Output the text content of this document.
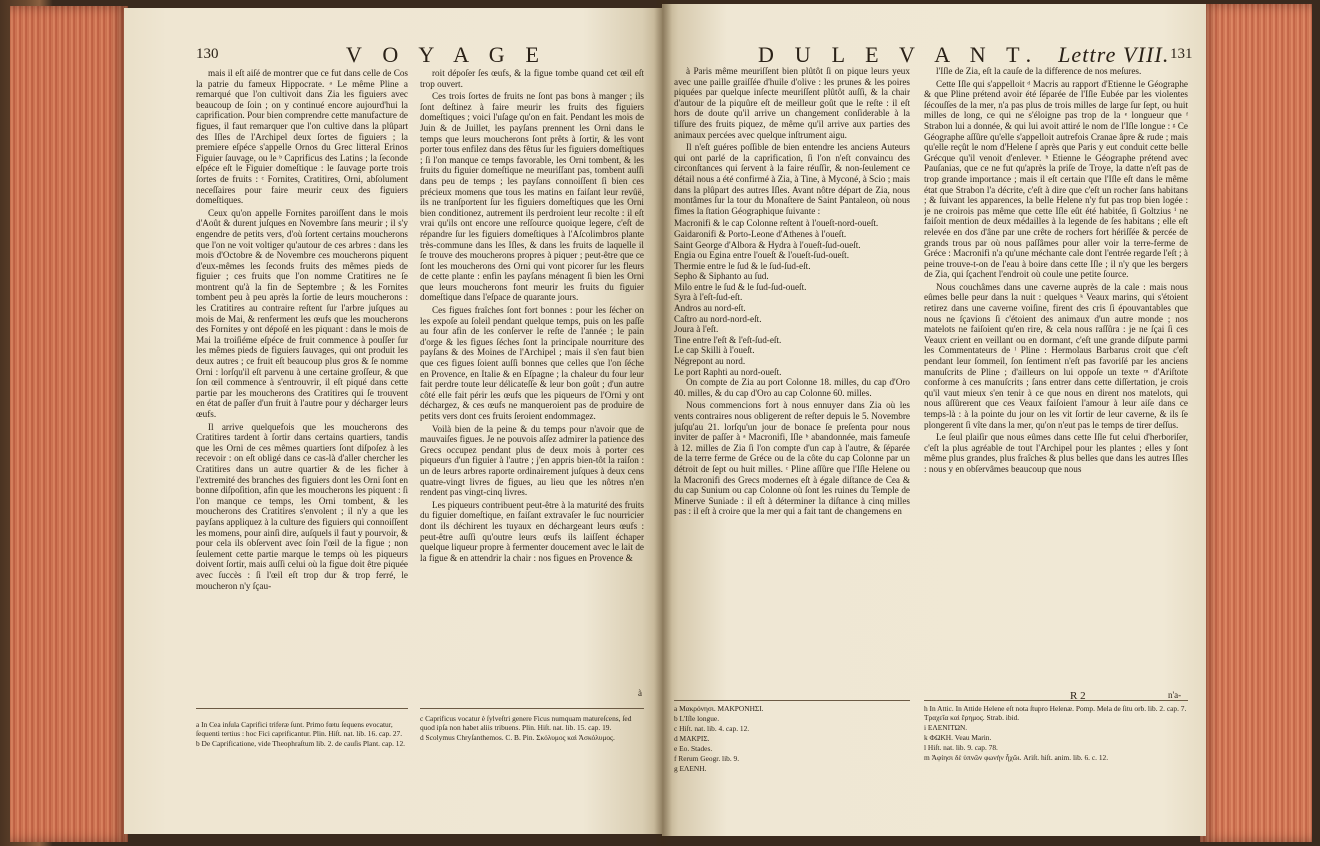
130	V O Y A G E

mais il eſt aiſé de montrer que ce fut dans celle de Cos la patrie du fameux Hippocrate. ᵃ Le même Pline a remarqué que l'on cultivoit dans Zia les figuiers avec beaucoup de ſoin ; on y continué encore aujourd'hui la caprification. Pour bien comprendre cette manufacture de figues, il faut remarquer que l'on cultive dans la plûpart des Iſles de l'Archipel deux ſortes de figuiers ; la premiere eſpéce s'appelle Ornos du Grec litteral Erinos Figuier ſauvage, ou le ᵇ Caprificus des Latins ; la ſeconde eſpéce eſt le Figuier domeſtique : le ſauvage porte trois ſortes de fruits : ᶜ Fornites, Cratitires, Orni, abſolument neceſſaires pour faire meurir ceux des figuiers domeſtiques.

Ceux qu'on appelle Fornites paroiſſent dans le mois d'Août & durent juſques en Novembre ſans meurir ; il s'y engendre de petits vers, d'où ſortent certains moucherons que l'on ne voit voltiger qu'autour de ces arbres : dans les mois d'Octobre & de Novembre ces moucherons piquent d'eux-mêmes les ſeconds fruits des mêmes pieds de figuier ; ces fruits que l'on nomme Cratitires ne ſe montrent qu'à la fin de Septembre ; & les Fornites tombent peu à peu après la ſortie de leurs moucherons : les Cratitires au contraire reſtent ſur l'arbre juſques au mois de Mai, & renferment les œufs que les moucherons des Fornites y ont dépoſé en les piquant : dans le mois de Mai la troiſiéme eſpéce de fruit commence à pouſſer ſur les mêmes pieds de figuiers ſauvages, qui ont produit les deux autres ; ce fruit eſt beaucoup plus gros & ſe nomme Orni : lorſqu'il eſt parvenu à une certaine groſſeur, & que ſon œil commence à s'entrouvrir, il eſt piqué dans cette partie par les moucherons des Cratitires qui ſe trouvent en état de paſſer d'un fruit à l'autre pour y décharger leurs œufs.

Il arrive quelquefois que les moucherons des Cratitires tardent à ſortir dans certains quartiers, tandis que les Orni de ces mêmes quartiers ſont diſpoſez à les recevoir : on eſt obligé dans ce cas-là d'aller chercher les Cratitires dans un autre quartier & de les ficher à l'extremité des branches des figuiers dont les Orni ſont en bonne diſpoſition, afin que les moucherons les piquent : ſi l'on manque ce temps, les Orni tombent, & les moucherons des Cratitires s'envolent ; il n'y a que les payſans appliquez à la culture des figuiers qui connoiſſent les momens, pour ainſi dire, auſquels il faut y pourvoir, & pour cela ils obſervent avec ſoin l'œil de la figue ; non ſeulement cette partie marque le temps où les piqueurs doivent ſortir, mais auſſi celui où la figue doit être piquée avec ſuccès : ſi l'œil eſt trop dur & trop ferré, le moucheron n'y ſçau-

roit dépoſer ſes œufs, & la figue tombe quand cet œil eſt trop ouvert.

Ces trois ſortes de fruits ne ſont pas bons à manger ; ils ſont deſtinez à faire meurir les fruits des figuiers domeſtiques ; voici l'uſage qu'on en fait. Pendant les mois de Juin & de Juillet, les payſans prennent les Orni dans le temps que leurs moucherons ſont prêts à ſortir, & les vont porter tous enfilez dans des fêtus ſur les figuiers domeſtiques ; ſi l'on manque ce temps favorable, les Orni tombent, & les fruits du figuier domeſtique ne meuriſſant pas, tombent auſſi dans peu de temps ; les payſans connoiſſent ſi bien ces précieux momens que tous les matins en faiſant leur revûë, ils ne tranſportent ſur les figuiers domeſtiques que les Orni bien conditionez, autrement ils perdroient leur recolte : il eſt vrai qu'ils ont encore une reſſource quoique legere, c'eſt de répandre ſur les figuiers domeſtiques à l'Aſcolimbros plante très-commune dans les Iſles, & dans les fruits de laquelle il ſe trouve des moucherons propres à piquer ; peut-être que ce ſont les moucherons des Orni qui vont picorer ſur les fleurs de cette plante : enfin les payſans ménagent ſi bien les Orni que leurs moucherons font meurir les fruits du figuier domeſtique dans l'eſpace de quarante jours.

Ces figues fraîches ſont fort bonnes : pour les ſécher on les expoſe au ſoleil pendant quelque temps, puis on les paſſe au four afin de les conſerver le reſte de l'année ; le pain d'orge & les figues ſéches ſont la principale nourriture des payſans & des Moines de l'Archipel ; mais il s'en faut bien que ces figues ſoient auſſi bonnes que celles que l'on ſéche en Provence, en Italie & en Eſpagne ; la chaleur du four leur fait perdre toute leur délicateſſe & leur bon goût ; d'un autre côté elle fait périr les œufs que les piqueurs de l'Orni y ont déchargez, & ces œufs ne manqueroient pas de produire de petits vers dont ces fruits ſeroient endommagez.

Voilà bien de la peine & du temps pour n'avoir que de mauvaiſes figues. Je ne pouvois aſſez admirer la patience des Grecs occupez pendant plus de deux mois à porter ces piqueurs d'un figuier à l'autre ; j'en appris bien-tôt la raiſon : un de leurs arbres raporte ordinairement juſques à deux cens quatre-vingt livres de figues, au lieu que les nôtres n'en rendent pas vingt-cinq livres.

Les piqueurs contribuent peut-être à la maturité des fruits du figuier domeſtique, en faiſant extravaſer le ſuc nourricier dont ils déchirent les tuyaux en déchargeant leurs œufs : peut-être auſſi qu'outre leurs œufs ils laiſſent échaper quelque liqueur propre à fermenter doucement avec le lait de la figue & en attendrir la chair : nos figues en Provence &

à
a In Cea inſula Caprifici triferæ ſunt. Primo fœtu ſequens evocatur, ſequenti tertius : hoc Fici caprificantur. Plin. Hiſt. nat. lib. 16. cap. 27.
b De Caprificatione, vide Theophraſtum lib. 2. de cauſis Plant. cap. 12.
c Caprificus vocatur è ſylveſtri genere Ficus numquam matureſcens, ſed quod ipſa non habet aliis tribuens. Plin. Hiſt. nat. lib. 15. cap. 19.
d Scolymus Chryſanthemos. C. B. Pin. Σκόλυμος καὶ Ἀσκόλυμος.
D U L E V A N T. Lettre VIII. 131

à Paris même meuriſſent bien plûtôt ſi on pique leurs yeux avec une paille graiſſée d'huile d'olive : les prunes & les poires piquées par quelque inſecte meuriſſent plûtôt auſſi, & la chair d'autour de la piquûre eſt de meilleur goût que le reſte : il eſt hors de doute qu'il arrive un changement conſiderable à la tiſſure des fruits piquez, de même qu'il arrive aux parties des animaux percées avec quelque inſtrument aigu.

Il n'eſt guéres poſſible de bien entendre les anciens Auteurs qui ont parlé de la caprification, ſi l'on n'eſt convaincu des circonſtances qui ſervent à la faire réuſſir, & non-ſeulement ce détail nous a été confirmé à Zia, à Tine, à Myconé, à Scio ; mais dans la plûpart des autres Iſles. Avant nôtre départ de Zia, nous montâmes ſur la tour du Monaſtere de Saint Pantaleon, où nous fîmes la ſtation Géographique ſuivante :

Macronifi & le cap Colonne reſtent à l'oueſt-nord-oueſt.
Gaidaronifi & Porto-Leone d'Athenes à l'oueſt.
Saint George d'Albora & Hydra à l'oueſt-ſud-oueſt.
Engia ou Egina entre l'oueſt & l'oueſt-ſud-oueſt.
Thermie entre le ſud & le ſud-ſud-eſt.
Sepho & Siphanto au ſud.
Milo entre le ſud & le ſud-ſud-oueſt.
Syra à l'eſt-ſud-eſt.
Andros au nord-eſt.
Caſtro au nord-nord-eſt.
Joura à l'eſt.
Tine entre l'eſt & l'eſt-ſud-eſt.
Le cap Skilli à l'oueſt.
Négrepont au nord.
Le port Raphti au nord-oueſt.

On compte de Zia au port Colonne 18. milles, du cap d'Oro 40. milles, & du cap d'Oro au cap Colonne 60. milles.

Nous commencions fort à nous ennuyer dans Zia où les vents contraires nous obligerent de reſter depuis le 5. Novembre juſqu'au 21. lorſqu'un jour de bonace ſe preſenta pour nous inviter de paſſer à ᵃ Macronifi, Iſle ᵇ abandonnée, mais fameuſe à 12. milles de Zia ſi l'on compte d'un cap à l'autre, & ſéparée de la terre ferme de Gréce ou de la côte du cap Colonne par un détroit de ſept ou huit milles. ᶜ Pline aſſûre que l'Iſle Helene ou la Macronifi des Grecs modernes eſt à égale diſtance de Cea & du cap Sunium ou cap Colonne où ſont les ruines du Temple de Minerve Suniade : il eſt à déterminer la diſtance à cinq milles pas : il eſt à croire que la mer qui a fait tant de changemens en

l'Iſle de Zia, eſt la cauſe de la difference de nos meſures.

Cette Iſle qui s'appelloit ᵈ Macris au rapport d'Etienne le Géographe & que Pline prétend avoir été ſéparée de l'Iſle Eubée par les violentes ſécouſſes de la mer, n'a pas plus de trois milles de large ſur ſept, ou huit milles de long, ce qui ne s'éloigne pas trop de la ᵉ longueur que ᶠ Strabon lui a donnée, & qui lui avoit attiré le nom de l'Iſle longue : ᵍ Ce Géographe aſſûre qu'elle s'appelloit autrefois Cranae âpre & rude ; mais qu'elle reçût le nom d'Helene ſ après que Paris y eut conduit cette belle Grécque qu'il venoit d'enlever. ʰ Etienne le Géographe prétend avec Pauſanias, que ce ne fut qu'après la priſe de Troye, la datte n'eſt pas de trop grande importance ; mais il eſt certain que l'Iſle eſt dans le même état que Strabon l'a décrite, c'eſt à dire que c'eſt un rocher ſans habitans ; & ſuivant les apparences, la belle Helene n'y fut pas trop bien logée : je ne croirois pas même que cette Iſle eût été habitée, ſi Goltzius ⁱ ne faiſoit mention de deux médailles à la legende de ſes habitans ; elle eſt relevée en dos d'âne par une crête de rochers fort hériſſée & percée de grands trous par où nous paſſâmes pour aller voir la terre-ferme de Gréce : Macronifi n'a qu'une méchante cale dont l'entrée regarde l'eſt ; à peine trouve-t-on de l'eau à boire dans cette Iſle ; il n'y que les bergers de Zia, qui ſçachent l'endroit où coule une petite ſource.

Nous couchâmes dans une caverne auprès de la cale : mais nous eûmes belle peur dans la nuit : quelques ᵏ Veaux marins, qui s'étoient retirez dans une caverne voiſine, firent des cris ſi épouvantables que nous ne ſçavions ſi c'étoient des animaux d'un autre monde ; nos matelots ne faiſoient qu'en rire, & cela nous raſſûra : je ne ſçai ſi ces Veaux crient en veillant ou en dormant, c'eſt une grande diſpute parmi les Commentateurs de ˡ Pline : Hermolaus Barbarus croit que c'eſt pendant leur ſommeil, ſon ſentiment n'eſt pas favoriſé par les anciens manuſcrits de Pline ; d'ailleurs on lui oppoſe un texte ᵐ d'Ariſtote conforme à ces manuſcrits ; ſans entrer dans cette diſſertation, je crois qu'il vaut mieux s'en tenir à ce que nous en dirent nos matelots, qui nous aſſûrerent que ces Veaux faiſoient l'amour à leur aiſe dans ce temps-là : à la pointe du jour on les vit ſortir de leur caverne, & ils ſe plongerent ſi vîte dans la mer, qu'on n'eut pas le temps de tirer deſſus.

Le ſeul plaiſir que nous eûmes dans cette Iſle fut celui d'herboriſer, c'eſt la plus agréable de tout l'Archipel pour les plantes ; elles y ſont même plus grandes, plus fraîches & plus belles que dans les autres Iſles : nous y en obſervâmes beaucoup que nous

R 2	n'a-
a Μακρόνησι. ΜΑΚΡΟΝΗΣΙ.
b L'Iſle longue.
c Hiſt. nat. lib. 4. cap. 12.
d ΜΑΚΡΙΣ.
e Eo. Stades.
f Rerum Geogr. lib. 9.
g ΕΛΕΝΗ.
h In Attic. In Attide Helene eſt nota ſtupro Helenæ. Pomp. Mela de ſitu orb. lib. 2. cap. 7. Τραχεῖα καὶ ἔρημος. Strab. ibid.
i ΕΛΕΝΙΤΩΝ.
k ΦΩΚΗ. Veau Marin.
l Hiſt. nat. lib. 9. cap. 78.
m Ἀφίησι δὲ ὑπνῶν φωνὴν ἦχῶι. Ariſt. hiſt. anim. lib. 6. c. 12.
